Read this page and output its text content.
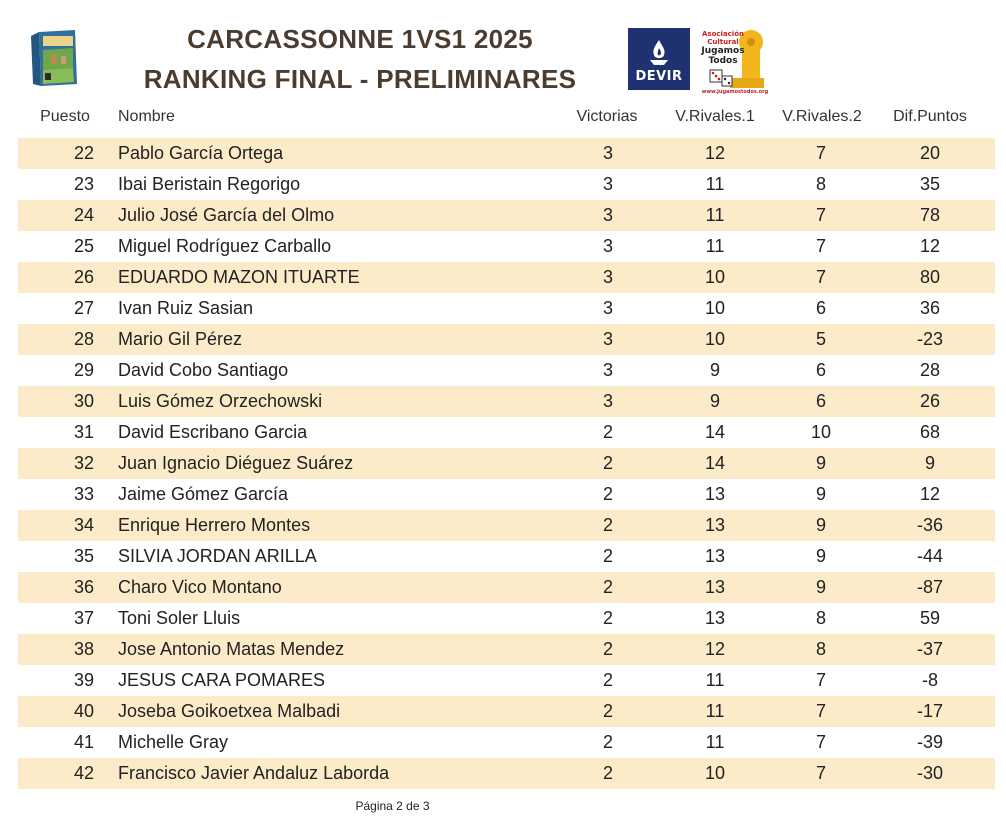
CARCASSONNE 1VS1 2025
RANKING FINAL - PRELIMINARES	DEVIR
Asociación
Cultural
Jugamos
Todos
www.jugamostodos.org
Puesto Nombre	Victorias	V.Rivales.1	V.Rivales.2	Dif.Puntos
22	Pablo García Ortega	3	12	7	20
23	Ibai Beristain Regorigo	3	11	8	35
24	Julio José García del Olmo	3	11	7	78
25	Miguel Rodríguez Carballo	3	11	7	12
26	EDUARDO MAZON ITUARTE	3	10	7	80
27	Ivan Ruiz Sasian	3	10	6	36
28	Mario Gil Pérez	3	10	5	-23
29	David Cobo Santiago	3	9	6	28
30	Luis Gómez Orzechowski	3	9	6	26
31	David Escribano Garcia	2	14	10	68
32	Juan Ignacio Diéguez Suárez	2	14	9	9
33	Jaime Gómez García	2	13	9	12
34	Enrique Herrero Montes	2	13	9	-36
35	SILVIA JORDAN ARILLA	2	13	9	-44
36	Charo Vico Montano	2	13	9	-87
37	Toni Soler Lluis	2	13	8	59
38	Jose Antonio Matas Mendez	2	12	8	-37
39	JESUS CARA POMARES	2	11	7	-8
40	Joseba Goikoetxea Malbadi	2	11	7	-17
41	Michelle Gray	2	11	7	-39
42	Francisco Javier Andaluz Laborda	2	10	7	-30
Página 2 de 3
